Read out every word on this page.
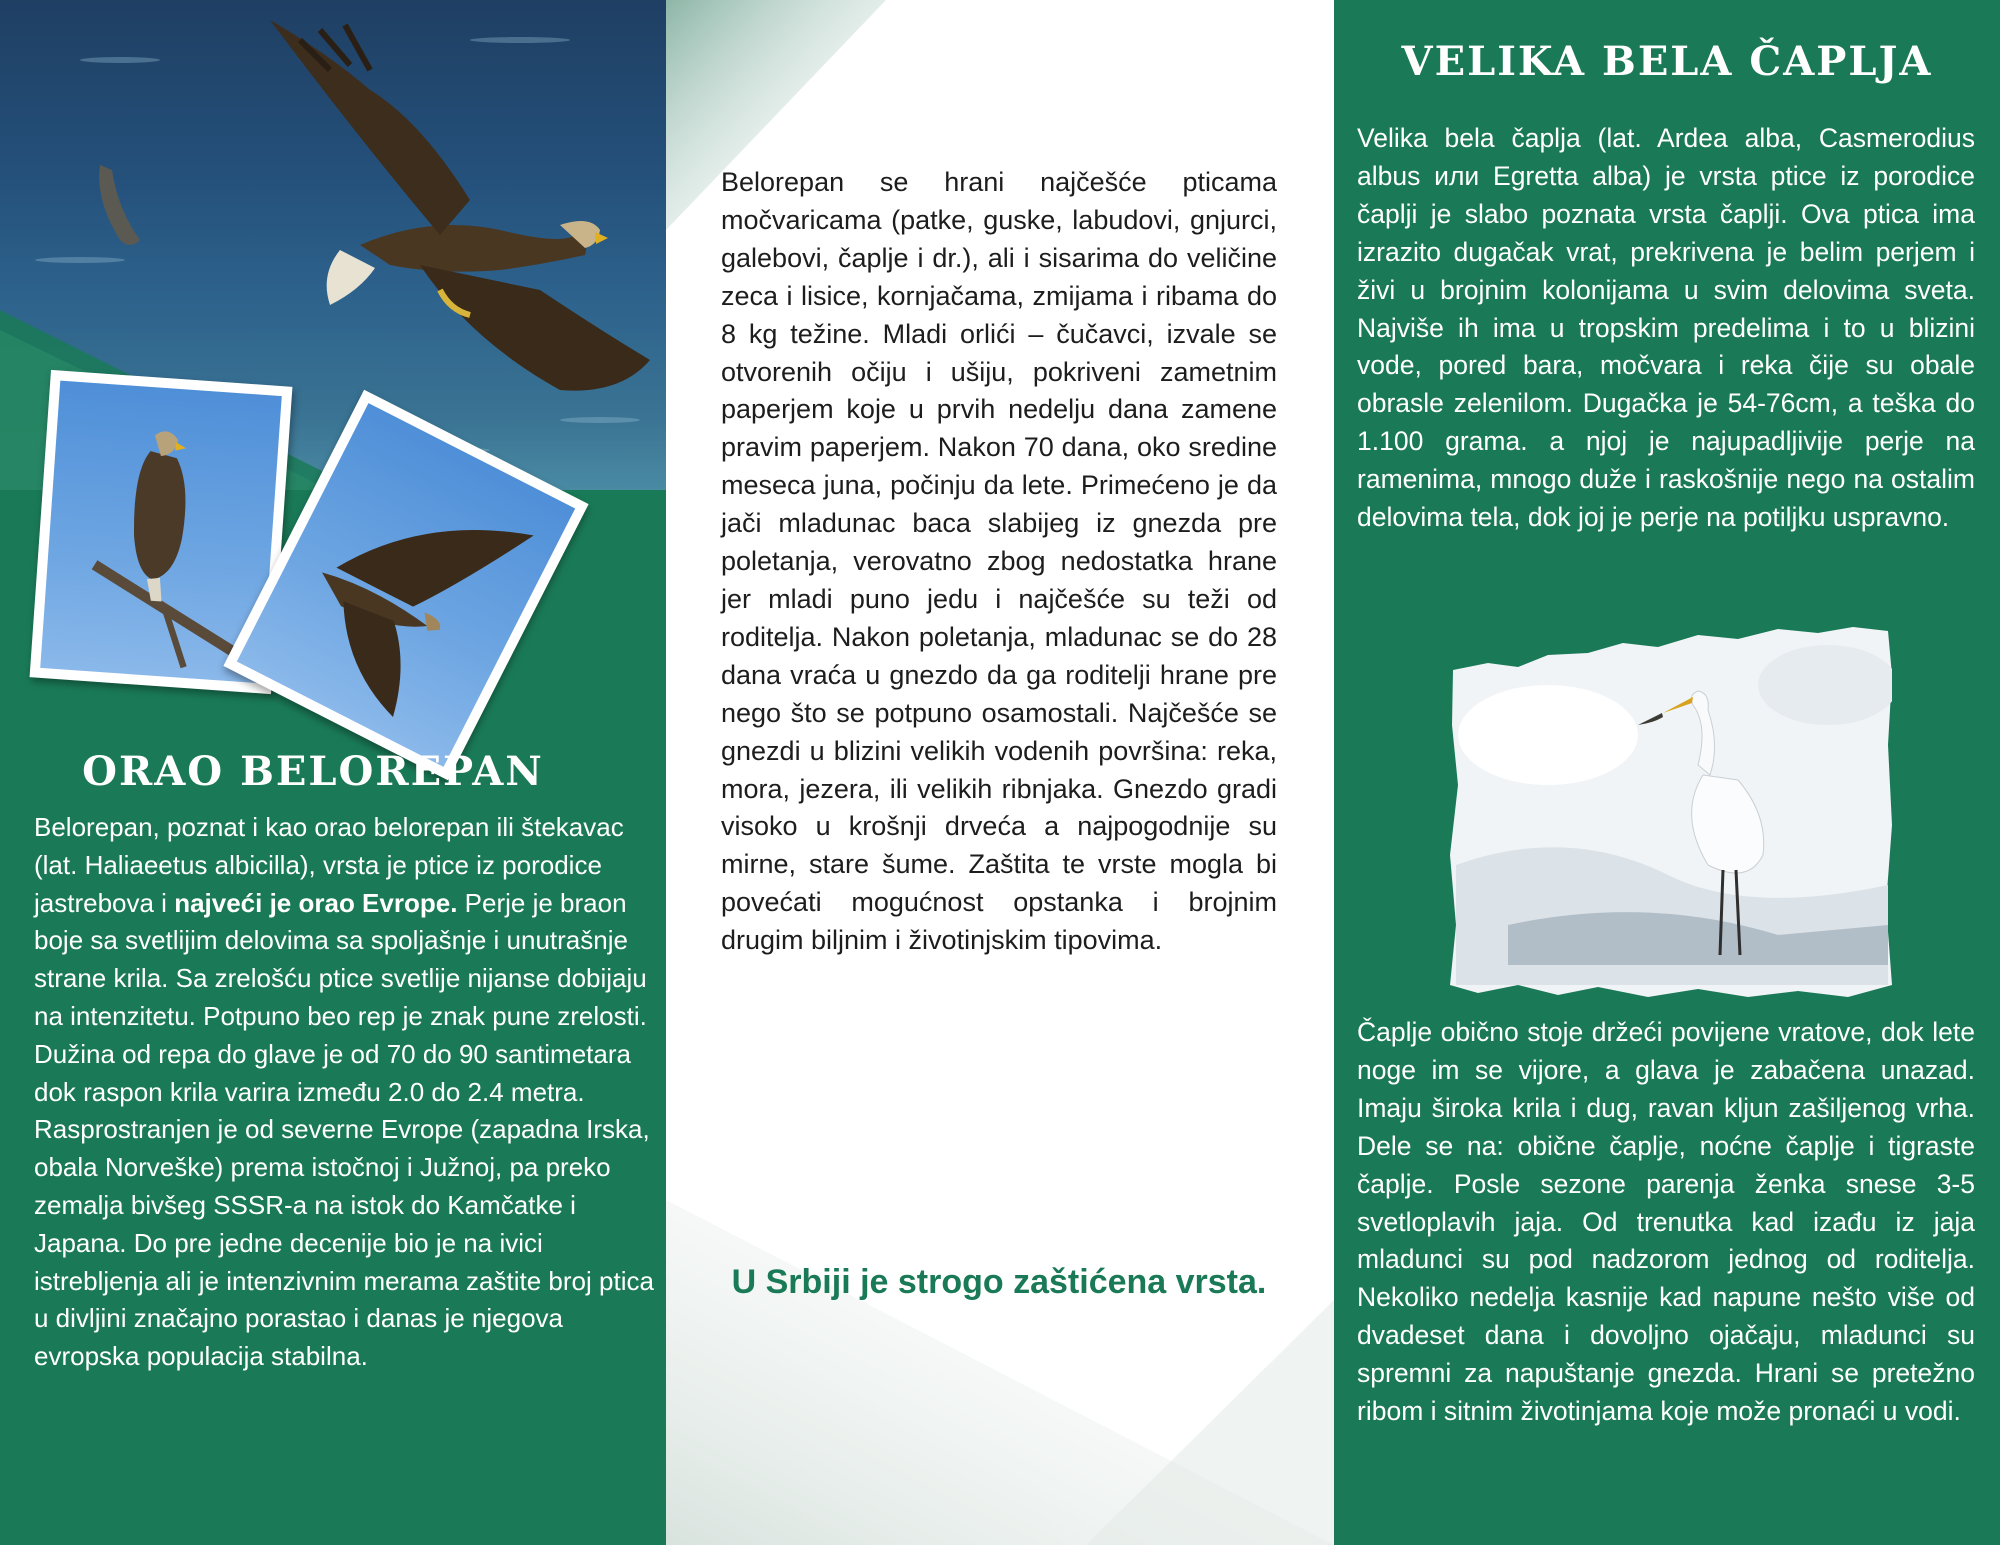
ORAO BELOREPAN
Belorepan, poznat i kao orao belorepan ili štekavac (lat. Haliaeetus albicilla), vrsta je ptice iz porodice jastrebova i najveći je orao Evrope. Perje je braon boje sa svetlijim delovima sa spoljašnje i unutrašnje strane krila. Sa zrelošću ptice svetlije nijanse dobijaju na intenzitetu. Potpuno beo rep je znak pune zrelosti. Dužina od repa do glave je od 70 do 90 santimetara dok raspon krila varira između 2.0 do 2.4 metra. Rasprostranjen je od severne Evrope (zapadna Irska, obala Norveške) prema istočnoj i Južnoj, pa preko zemalja bivšeg SSSR-a na istok do Kamčatke i Japana. Do pre jedne decenije bio je na ivici istrebljenja ali je intenzivnim merama zaštite broj ptica u divljini značajno porastao i danas je njegova evropska populacija stabilna.
Belorepan se hrani najčešće pticama močvaricama (patke, guske, labudovi, gnjurci, galebovi, čaplje i dr.), ali i sisarima do veličine zeca i lisice, kornjačama, zmijama i ribama do 8 kg težine. Mladi orlići – čučavci, izvale se otvorenih očiju i ušiju, pokriveni zametnim paperjem koje u prvih nedelju dana zamene pravim paperjem. Nakon 70 dana, oko sredine meseca juna, počinju da lete. Primećeno je da jači mladunac baca slabijeg iz gnezda pre poletanja, verovatno zbog nedostatka hrane jer mladi puno jedu i najčešće su teži od roditelja. Nakon poletanja, mladunac se do 28 dana vraća u gnezdo da ga roditelji hrane pre nego što se potpuno osamostali. Najčešće se gnezdi u blizini velikih vodenih površina: reka, mora, jezera, ili velikih ribnjaka. Gnezdo gradi visoko u krošnji drveća a najpogodnije su mirne, stare šume. Zaštita te vrste mogla bi povećati mogućnost opstanka i brojnim drugim biljnim i životinjskim tipovima.
U Srbiji je strogo zaštićena vrsta.
VELIKA BELA ČAPLJA
Velika bela čaplja (lat. Ardea alba, Casmerodius albus или Egretta alba) je vrsta ptice iz porodice čaplji je slabo poznata vrsta čaplji. Ova ptica ima izrazito dugačak vrat, prekrivena je belim perjem i živi u brojnim kolonijama u svim delovima sveta. Najviše ih ima u tropskim predelima i to u blizini vode, pored bara, močvara i reka čije su obale obrasle zelenilom. Dugačka je 54-76cm, a teška do 1.100 grama. a njoj je najupadljivije perje na ramenima, mnogo duže i raskošnije nego na ostalim delovima tela, dok joj je perje na potiljku uspravno.
Čaplje obično stoje držeći povijene vratove, dok lete noge im se vijore, a glava je zabačena unazad. Imaju široka krila i dug, ravan kljun zašiljenog vrha. Dele se na: obične čaplje, noćne čaplje i tigraste čaplje. Posle sezone parenja ženka snese 3-5 svetloplavih jaja. Od trenutka kad izađu iz jaja mladunci su pod nadzorom jednog od roditelja. Nekoliko nedelja kasnije kad napune nešto više od dvadeset dana i dovoljno ojačaju, mladunci su spremni za napuštanje gnezda. Hrani se pretežno ribom i sitnim životinjama koje može pronaći u vodi.
